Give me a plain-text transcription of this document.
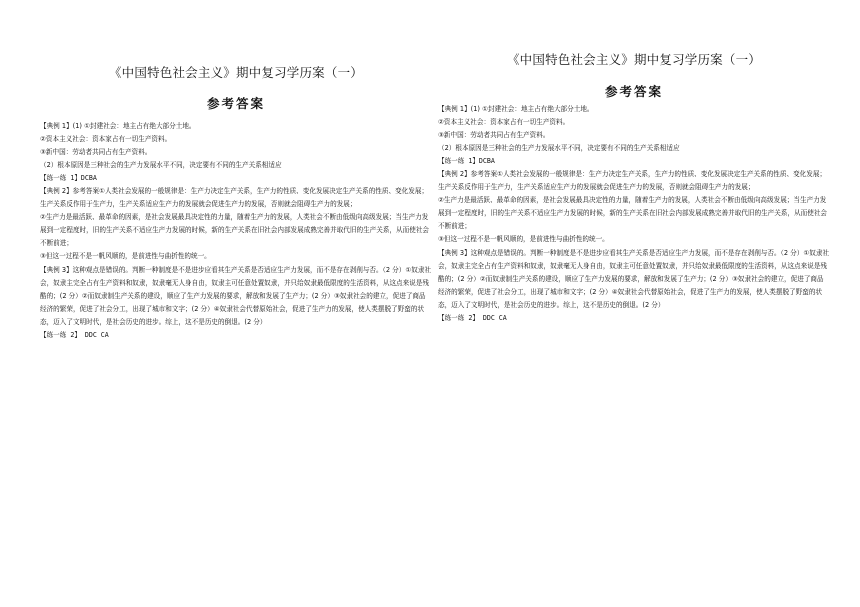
《中国特色社会主义》期中复习学历案（一）
参考答案

【典例 1】(1) ①封建社会：地主占有绝大部分土地。

②资本主义社会：资本家占有一切生产资料。

③新中国：劳动者共同占有生产资料。

（2）根本原因是三种社会的生产力发展水平不同，决定要有不同的生产关系相适应

【练一练 1】DCBA

【典例 2】参考答案①人类社会发展的一般规律是：生产力决定生产关系，生产力的性质、变化发展决定生产关系的性质、变化发展；生产关系反作用于生产力，生产关系适应生产力的发展就会促进生产力的发展，否则就会阻碍生产力的发展；

②生产力是最活跃、最革命的因素，是社会发展最具决定性的力量，随着生产力的发展，人类社会不断由低级向高级发展；当生产力发展到一定程度时，旧的生产关系不适应生产力发展的时候，新的生产关系在旧社会内部发展成熟完善并取代旧的生产关系，从而使社会不断前进；

③但这一过程不是一帆风顺的，是前进性与曲折性的统一。

【典例 3】这种观点是错误的。判断一种制度是不是进步应看其生产关系是否适应生产力发展，而不是存在剥削与否。（2 分）①奴隶社会，奴隶主完全占有生产资料和奴隶，奴隶毫无人身自由，奴隶主可任意处置奴隶，并只给奴隶最低限度的生活资料，从这点来说是残酷的；(2 分）②而奴隶制生产关系的建设，顺应了生产力发展的要求，解放和发展了生产力；(2 分）③奴隶社会的建立，促进了商品经济的繁荣，促进了社会分工，出现了城市和文字；(2 分）④奴隶社会代替原始社会，促进了生产力的发展，使人类摆脱了野蛮的状态，迈入了文明时代，是社会历史的进步。综上，这不是历史的倒退。(2 分）

【练一练 2】 DDC CA

《中国特色社会主义》期中复习学历案（一）
参考答案

【典例 1】(1) ①封建社会：地主占有绝大部分土地。

②资本主义社会：资本家占有一切生产资料。

③新中国：劳动者共同占有生产资料。

（2）根本原因是三种社会的生产力发展水平不同，决定要有不同的生产关系相适应

【练一练 1】DCBA

【典例 2】参考答案①人类社会发展的一般规律是：生产力决定生产关系，生产力的性质、变化发展决定生产关系的性质、变化发展；生产关系反作用于生产力，生产关系适应生产力的发展就会促进生产力的发展，否则就会阻碍生产力的发展；

②生产力是最活跃、最革命的因素，是社会发展最具决定性的力量，随着生产力的发展，人类社会不断由低级向高级发展；当生产力发展到一定程度时，旧的生产关系不适应生产力发展的时候，新的生产关系在旧社会内部发展成熟完善并取代旧的生产关系，从而使社会不断前进；

③但这一过程不是一帆风顺的，是前进性与曲折性的统一。

【典例 3】这种观点是错误的。判断一种制度是不是进步应看其生产关系是否适应生产力发展，而不是存在剥削与否。（2 分）①奴隶社会，奴隶主完全占有生产资料和奴隶，奴隶毫无人身自由，奴隶主可任意处置奴隶，并只给奴隶最低限度的生活资料，从这点来说是残酷的；(2 分）②而奴隶制生产关系的建设，顺应了生产力发展的要求，解放和发展了生产力；(2 分）③奴隶社会的建立，促进了商品经济的繁荣，促进了社会分工，出现了城市和文字；(2 分）④奴隶社会代替原始社会，促进了生产力的发展，使人类摆脱了野蛮的状态，迈入了文明时代，是社会历史的进步。综上，这不是历史的倒退。(2 分）

【练一练 2】 DDC CA
